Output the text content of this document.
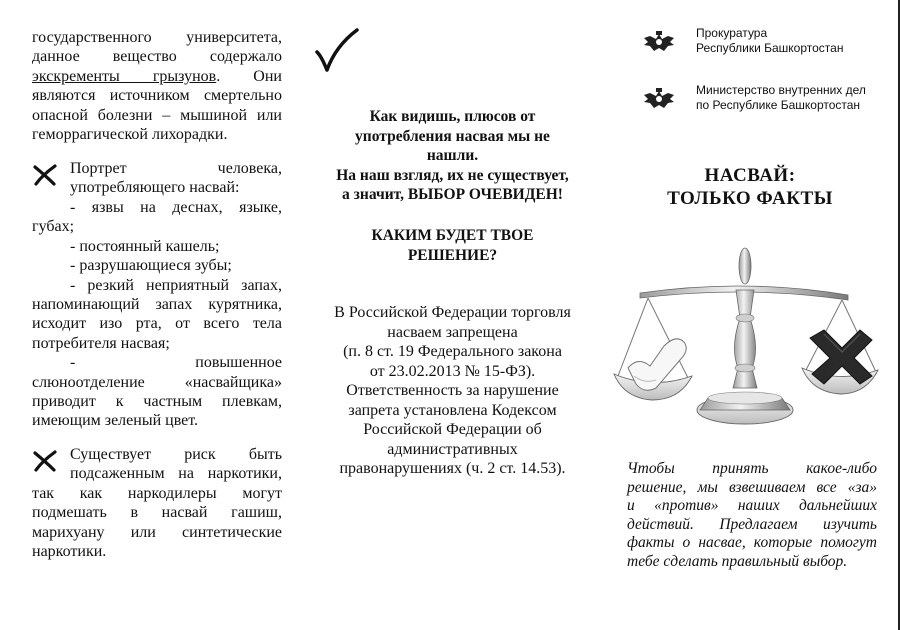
государственного университета,
данное вещество содержало
экскременты грызунов. Они
являются источником смертельно
опасной болезни – мышиной или
геморрагической лихорадки.
Портрет человека,
употребляющего насвай:
- язвы на деснах, языке,
губах;
- постоянный кашель;
- разрушающиеся зубы;
- резкий неприятный запах,
напоминающий запах курятника,
исходит изо рта, от всего тела
потребителя насвая;
- повышенное
слюноотделение «насвайщика»
приводит к частным плевкам,
имеющим зеленый цвет.
Существует риск быть
подсаженным на наркотики,
так как наркодилеры могут
подмешать в насвай гашиш,
марихуану или синтетические
наркотики.
Как видишь, плюсов от
употребления насвая мы не
нашли.
На наш взгляд, их не существует,
а значит, ВЫБОР ОЧЕВИДЕН!
КАКИМ БУДЕТ ТВОЕ
РЕШЕНИЕ?
В Российской Федерации торговля
насваем запрещена
(п. 8 ст. 19 Федерального закона
от 23.02.2013 № 15-ФЗ).
Ответственность за нарушение
запрета установлена Кодексом
Российской Федерации об
административных
правонарушениях (ч. 2 ст. 14.53).
Прокуратура
Республики Башкортостан
Министерство внутренних дел
по Республике Башкортостан
НАСВАЙ:
ТОЛЬКО ФАКТЫ
Чтобы принять какое-либо
решение, мы взвешиваем все «за»
и «против» наших дальнейших
действий. Предлагаем изучить
факты о насвае, которые помогут
тебе сделать правильный выбор.
